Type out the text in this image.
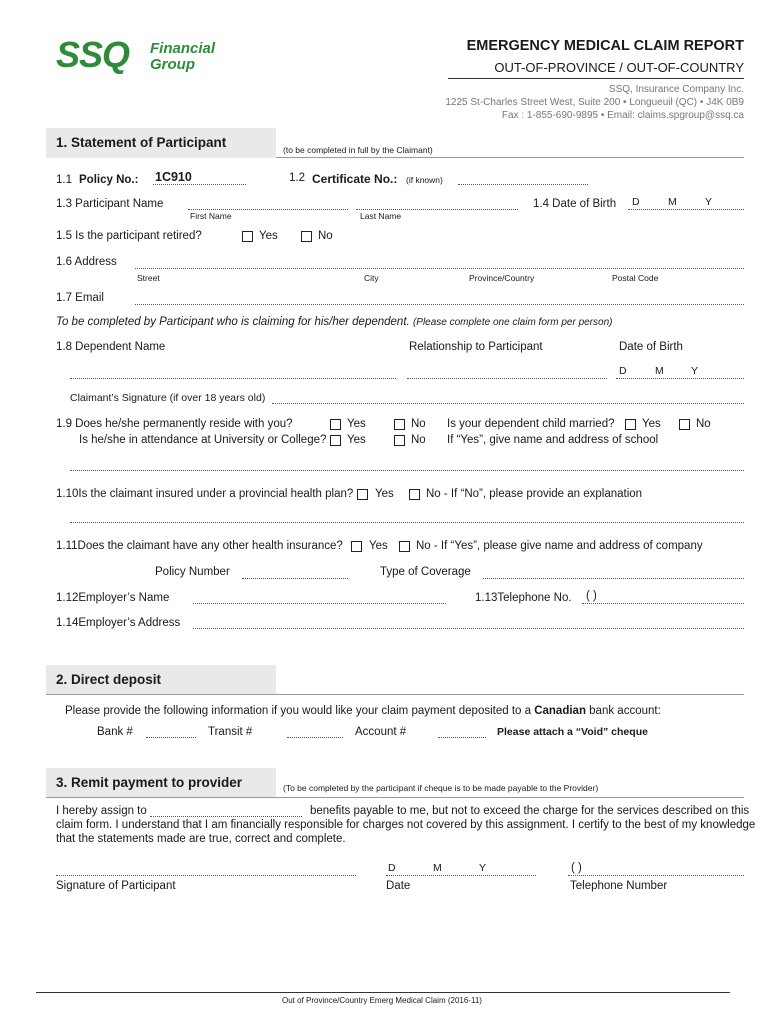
SSQ Financial
Group
EMERGENCY MEDICAL CLAIM REPORT
OUT-OF-PROVINCE / OUT-OF-COUNTRY
SSQ, Insurance Company Inc.
1225 St-Charles Street West, Suite 200 • Longueuil (QC) • J4K 0B9
Fax : 1-855-690-9895 • Email: claims.spgroup@ssq.ca
1. Statement of Participant	(to be completed in full by the Claimant)
1.1 Policy No.: 1C910	1.2 Certificate No.: (if known)
1.3 Participant Name
First Name	Last Name
1.4 Date of Birth D	M	Y
1.5 Is the participant retired?	Yes	No
1.6 Address
Street	City	Province/Country	Postal Code
1.7 Email
To be completed by Participant who is claiming for his/her dependent. (Please complete one claim form per person)
1.8 Dependent Name	Relationship to Participant	Date of Birth
D	M	Y
Claimant’s Signature (if over 18 years old)
1.9 Does he/she permanently reside with you?	Yes	No Is your dependent child married? Yes	No
Is he/she in attendance at University or College? Yes	No If “Yes”, give name and address of school
1.10Is the claimant insured under a provincial health plan? Yes	No - If “No”, please provide an explanation
1.11Does the claimant have any other health insurance? Yes No - If “Yes”, please give name and address of company
Policy Number	Type of Coverage
1.12Employer’s Name	1.13Telephone No. ( )
1.14Employer’s Address
2. Direct deposit
Please provide the following information if you would like your claim payment deposited to a Canadian bank account:
Bank #	Transit #	Account #	Please attach a “Void” cheque
3. Remit payment to provider	(To be completed by the participant if cheque is to be made payable to the Provider)
I hereby assign to	benefits payable to me, but not to exceed the charge for the services described on this
claim form. I understand that I am financially responsible for charges not covered by this assignment. I certify to the best of my knowledge
that the statements made are true, correct and complete.
Signature of Participant
D	M	Y
Date
( )
Telephone Number
Out of Province/Country Emerg Medical Claim (2016-11)
